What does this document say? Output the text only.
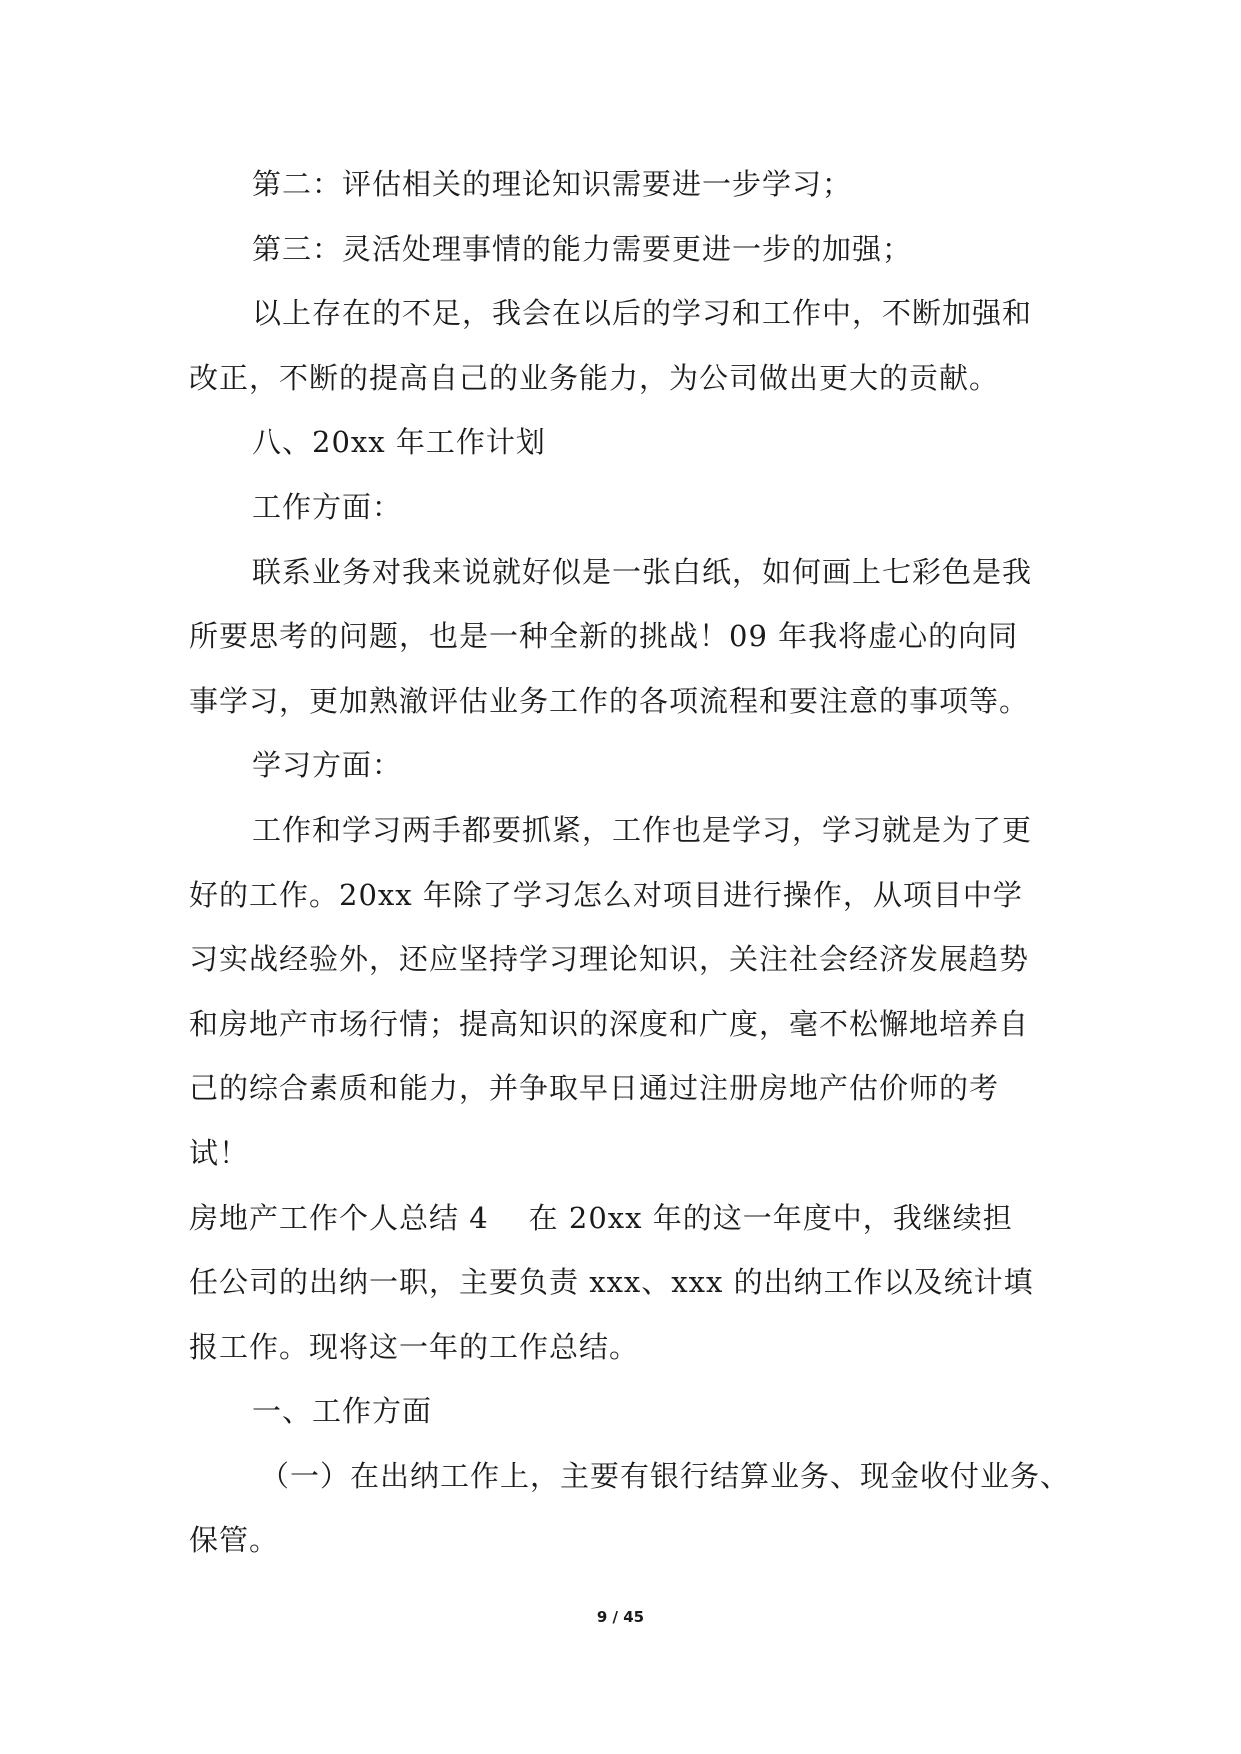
第二：评估相关的理论知识需要进一步学习；
第三：灵活处理事情的能力需要更进一步的加强；
以上存在的不足，我会在以后的学习和工作中，不断加强和
改正，不断的提高自己的业务能力，为公司做出更大的贡献。
八、20xx 年工作计划
工作方面：
联系业务对我来说就好似是一张白纸，如何画上七彩色是我
所要思考的问题，也是一种全新的挑战！09 年我将虚心的向同
事学习，更加熟澈评估业务工作的各项流程和要注意的事项等。
学习方面：
工作和学习两手都要抓紧，工作也是学习，学习就是为了更
好的工作。20xx 年除了学习怎么对项目进行操作，从项目中学
习实战经验外，还应坚持学习理论知识，关注社会经济发展趋势
和房地产市场行情；提高知识的深度和广度，毫不松懈地培养自
己的综合素质和能力，并争取早日通过注册房地产估价师的考
试！
房地产工作个人总结 4 在 20xx 年的这一年度中，我继续担
任公司的出纳一职，主要负责 xxx、xxx 的出纳工作以及统计填
报工作。现将这一年的工作总结。
一、工作方面
（一）在出纳工作上，主要有银行结算业务、现金收付业务、
保管。
9 / 45
